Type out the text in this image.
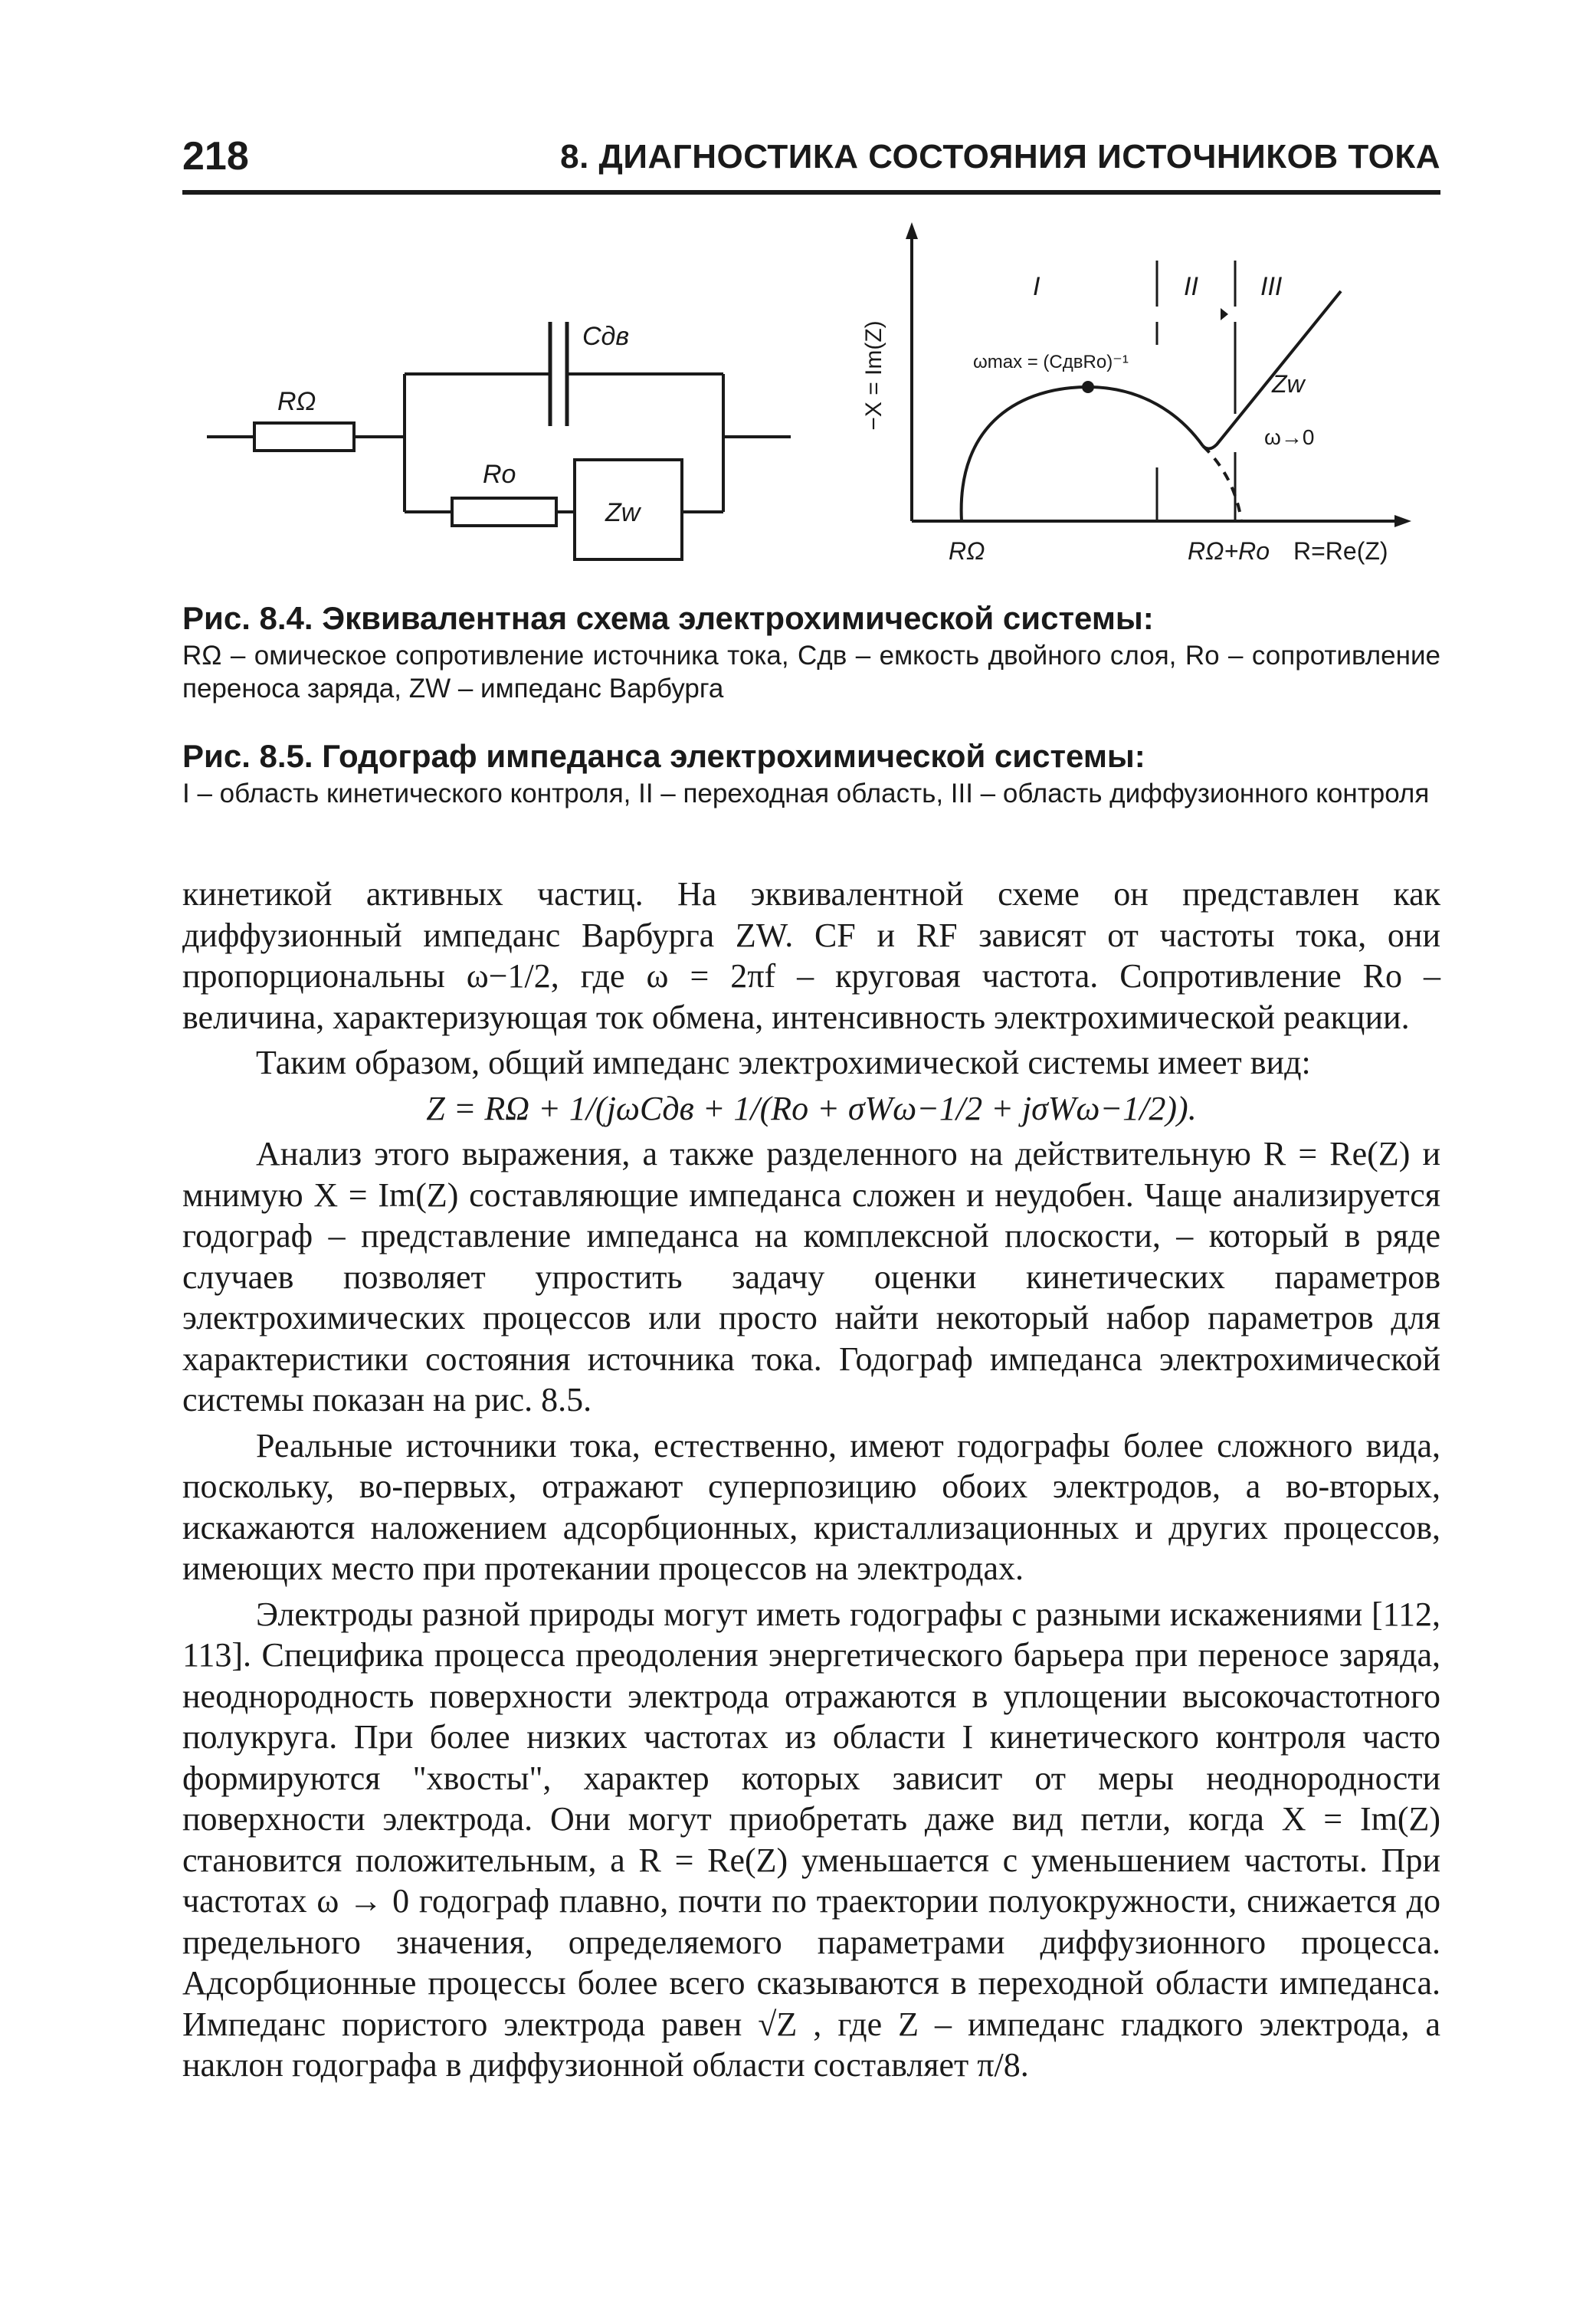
218	8. ДИАГНОСТИКА СОСТОЯНИЯ ИСТОЧНИКОВ ТОКА
RΩ
Cдв
Ro
Zw
−X = Im(Z)
I	II III
ωmax = (CдвRo)⁻¹
Zw
ω→0
RΩ	RΩ+Ro R=Re(Z)
Рис. 8.4. Эквивалентная схема электрохимической системы:
RΩ – омическое сопротивление источника тока, Cдв – емкость двойного слоя, Ro – сопротивление переноса заряда, ZW – импеданс Варбурга
Рис. 8.5. Годограф импеданса электрохимической системы:
I – область кинетического контроля, II – переходная область, III – область диффузионного контроля

кинетикой активных частиц. На эквивалентной схеме он представлен как диффузионный импеданс Варбурга ZW. CF и RF зависят от частоты тока, они пропорциональны ω−1/2, где ω = 2πf – круговая частота. Сопротивление Ro – величина, характеризующая ток обмена, интенсивность электрохимической реакции.

Таким образом, общий импеданс электрохимической системы имеет вид:

Z = RΩ + 1/(jωCдв + 1/(Ro + σWω−1/2 + jσWω−1/2)).

Анализ этого выражения, а также разделенного на действительную R = Re(Z) и мнимую X = Im(Z) составляющие импеданса сложен и неудобен. Чаще анализируется годограф – представление импеданса на комплексной плоскости, – который в ряде случаев позволяет упростить задачу оценки кинетических параметров электрохимических процессов или просто найти некоторый набор параметров для характеристики состояния источника тока. Годограф импеданса электрохимической системы показан на рис. 8.5.

Реальные источники тока, естественно, имеют годографы более сложного вида, поскольку, во-первых, отражают суперпозицию обоих электродов, а во-вторых, искажаются наложением адсорбционных, кристаллизационных и других процессов, имеющих место при протекании процессов на электродах.

Электроды разной природы могут иметь годографы с разными искажениями [112, 113]. Специфика процесса преодоления энергетического барьера при переносе заряда, неоднородность поверхности электрода отражаются в уплощении высокочастотного полукруга. При более низких частотах из области I кинетического контроля часто формируются "хвосты", характер которых зависит от меры неоднородности поверхности электрода. Они могут приобретать даже вид петли, когда X = Im(Z) становится положительным, а R = Re(Z) уменьшается с уменьшением частоты. При частотах ω → 0 годограф плавно, почти по траектории полуокружности, снижается до предельного значения, определяемого параметрами диффузионного процесса. Адсорбционные процессы более всего сказываются в переходной области импеданса. Импеданс пористого электрода равен √Z , где Z – импеданс гладкого электрода, а наклон годографа в диффузионной области составляет π/8.
